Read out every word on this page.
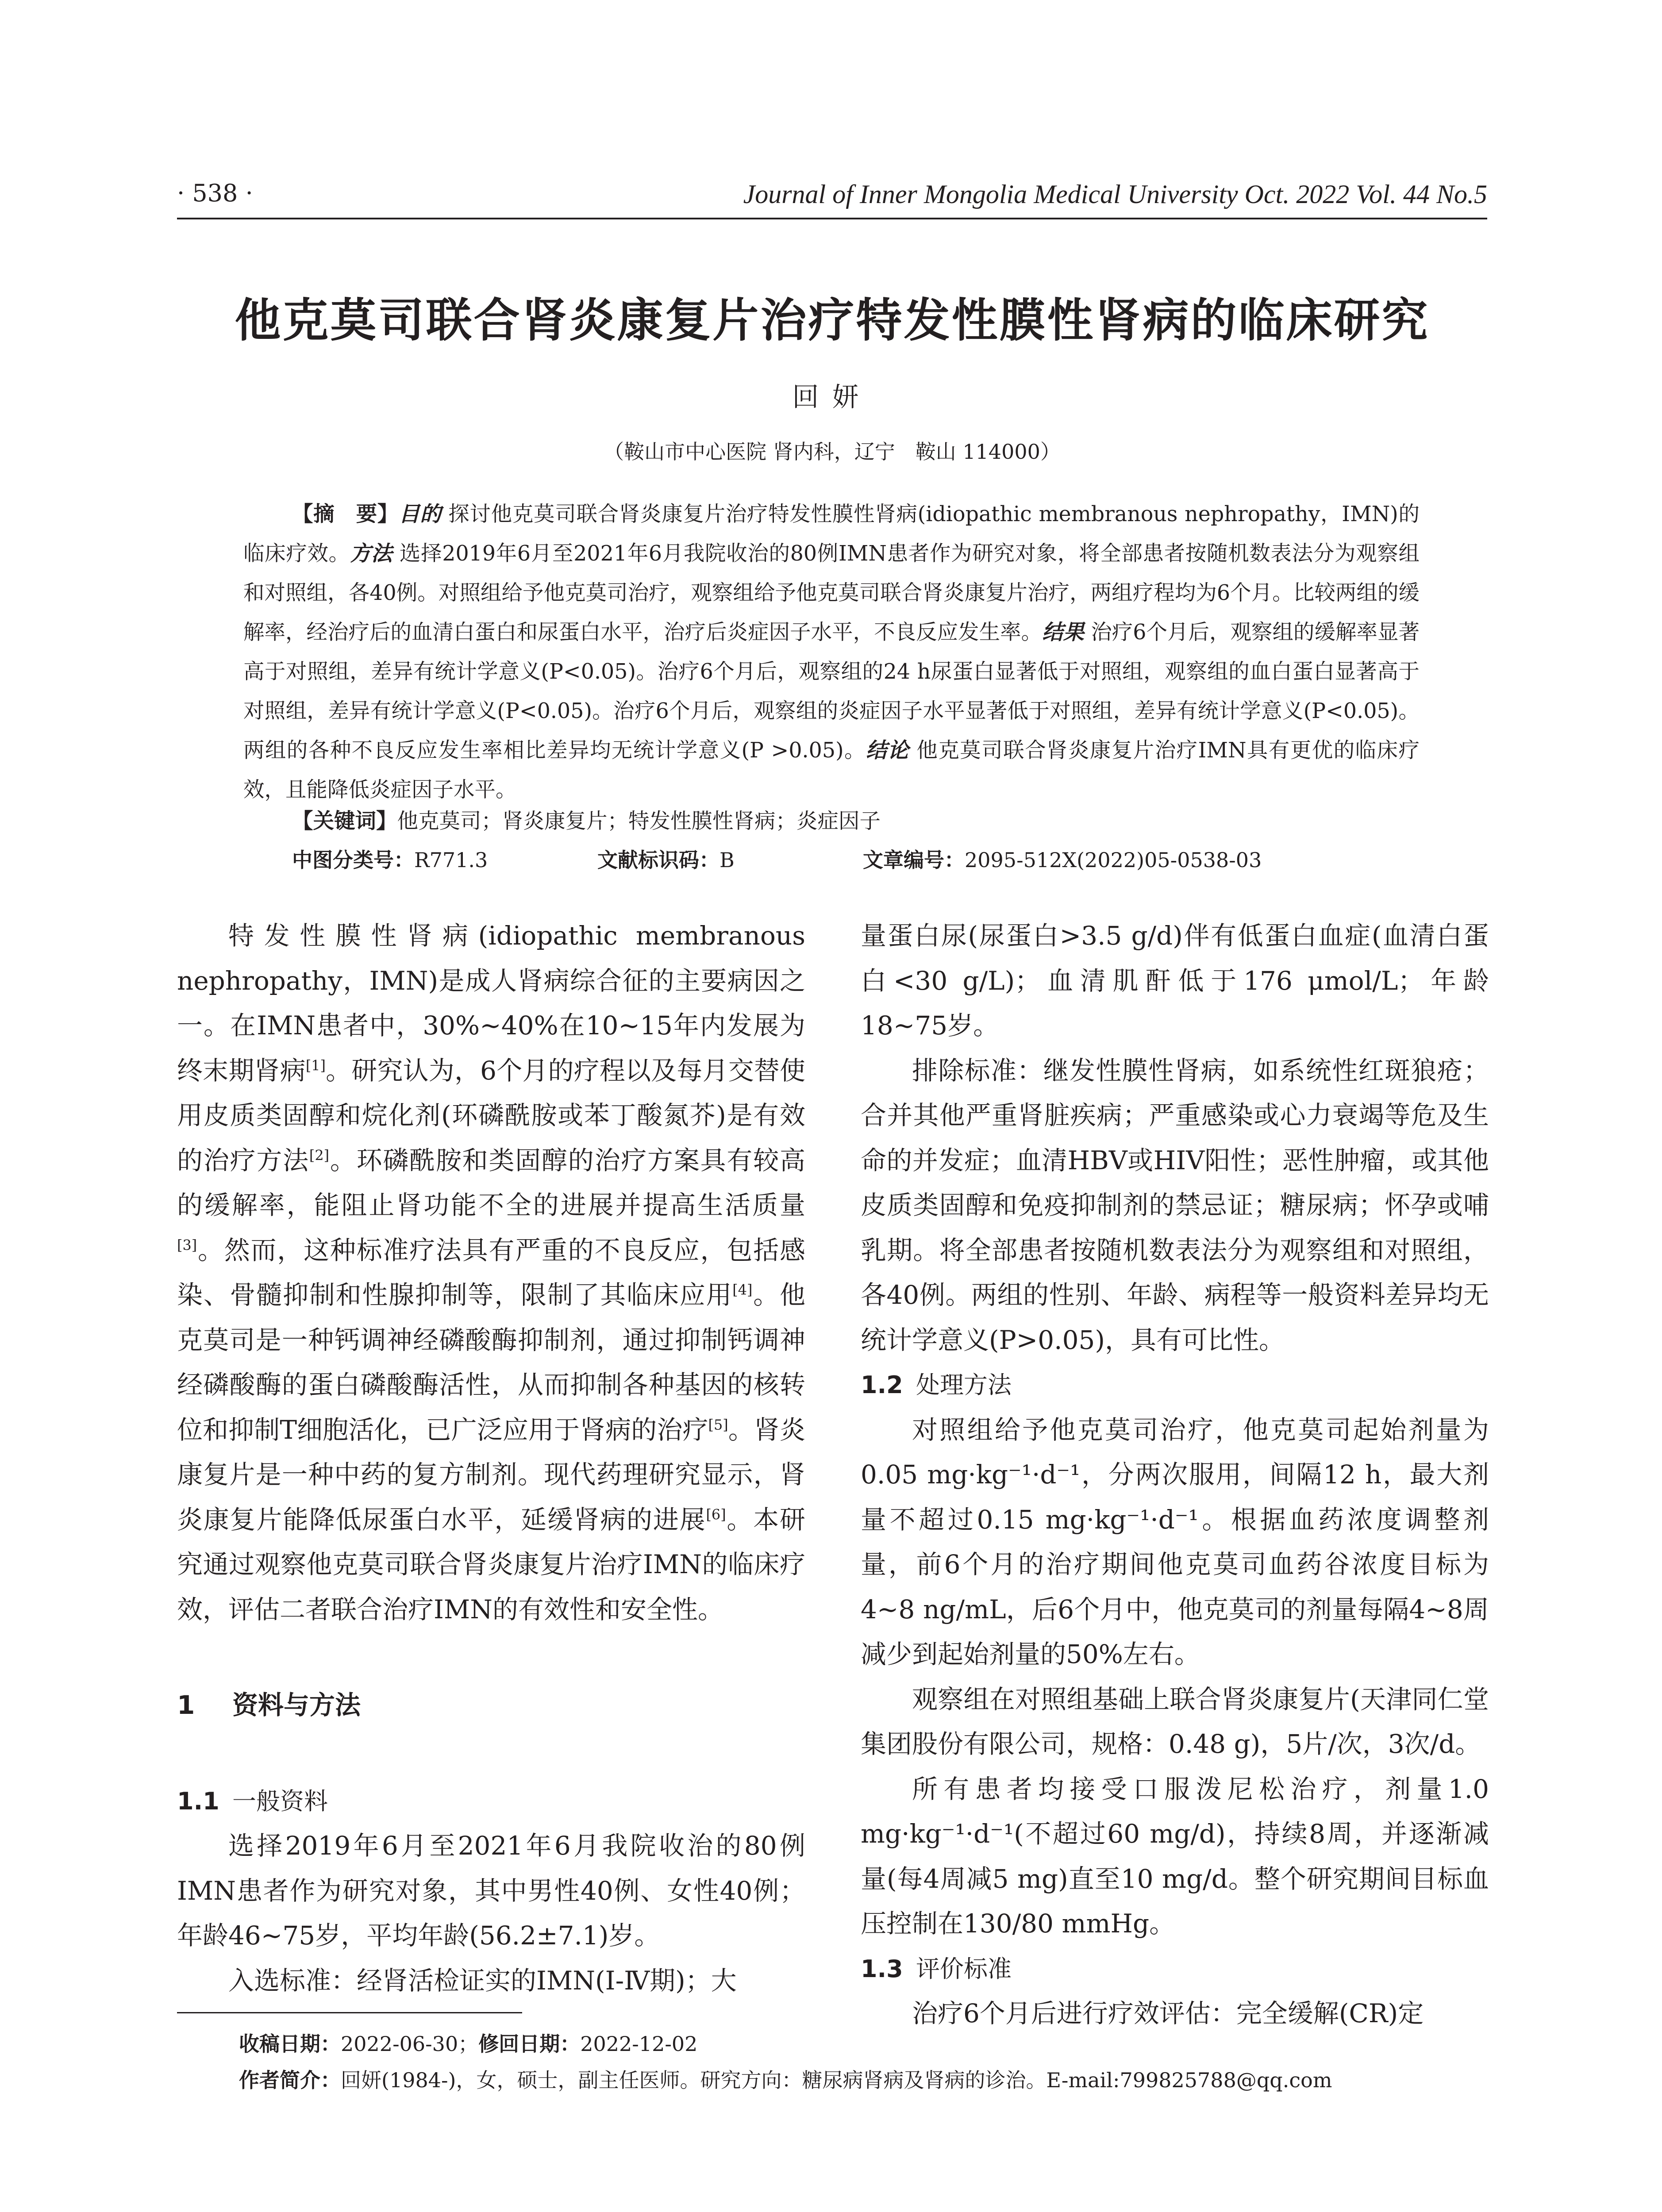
· 538 ·	Journal of Inner Mongolia Medical University Oct. 2022 Vol. 44 No.5
他克莫司联合肾炎康复片治疗特发性膜性肾病的临床研究
回妍
（鞍山市中心医院 肾内科，辽宁　鞍山 114000）

【摘　要】目的 探讨他克莫司联合肾炎康复片治疗特发性膜性肾病(idiopathic membranous nephropathy，IMN)的临床疗效。方法 选择2019年6月至2021年6月我院收治的80例IMN患者作为研究对象，将全部患者按随机数表法分为观察组和对照组，各40例。对照组给予他克莫司治疗，观察组给予他克莫司联合肾炎康复片治疗，两组疗程均为6个月。比较两组的缓解率，经治疗后的血清白蛋白和尿蛋白水平，治疗后炎症因子水平，不良反应发生率。结果 治疗6个月后，观察组的缓解率显著高于对照组，差异有统计学意义(P<0.05)。治疗6个月后，观察组的24 h尿蛋白显著低于对照组，观察组的血白蛋白显著高于对照组，差异有统计学意义(P<0.05)。治疗6个月后，观察组的炎症因子水平显著低于对照组，差异有统计学意义(P<0.05)。两组的各种不良反应发生率相比差异均无统计学意义(P >0.05)。结论 他克莫司联合肾炎康复片治疗IMN具有更优的临床疗效，且能降低炎症因子水平。

【关键词】他克莫司；肾炎康复片；特发性膜性肾病；炎症因子
中图分类号：R771.3	文献标识码：B	文章编号：2095-512X(2022)05-0538-03

特发性膜性肾病(idiopathic membranous nephropathy，IMN)是成人肾病综合征的主要病因之一。在IMN患者中，30%~40%在10~15年内发展为终末期肾病[1]。研究认为，6个月的疗程以及每月交替使用皮质类固醇和烷化剂(环磷酰胺或苯丁酸氮芥)是有效的治疗方法[2]。环磷酰胺和类固醇的治疗方案具有较高的缓解率，能阻止肾功能不全的进展并提高生活质量[3]。然而，这种标准疗法具有严重的不良反应，包括感染、骨髓抑制和性腺抑制等，限制了其临床应用[4]。他克莫司是一种钙调神经磷酸酶抑制剂，通过抑制钙调神经磷酸酶的蛋白磷酸酶活性，从而抑制各种基因的核转位和抑制T细胞活化，已广泛应用于肾病的治疗[5]。肾炎康复片是一种中药的复方制剂。现代药理研究显示，肾炎康复片能降低尿蛋白水平，延缓肾病的进展[6]。本研究通过观察他克莫司联合肾炎康复片治疗IMN的临床疗效，评估二者联合治疗IMN的有效性和安全性。

1 资料与方法
1.1 一般资料

选择2019年6月至2021年6月我院收治的80例IMN患者作为研究对象，其中男性40例、女性40例；年龄46~75岁，平均年龄(56.2±7.1)岁。

入选标准：经肾活检证实的IMN(Ⅰ-Ⅳ期)；大

量蛋白尿(尿蛋白>3.5 g/d)伴有低蛋白血症(血清白蛋白<30 g/L)；血清肌酐低于176 μmol/L；年龄18~75岁。

排除标准：继发性膜性肾病，如系统性红斑狼疮；合并其他严重肾脏疾病；严重感染或心力衰竭等危及生命的并发症；血清HBV或HIV阳性；恶性肿瘤，或其他皮质类固醇和免疫抑制剂的禁忌证；糖尿病；怀孕或哺乳期。将全部患者按随机数表法分为观察组和对照组，各40例。两组的性别、年龄、病程等一般资料差异均无统计学意义(P>0.05)，具有可比性。

1.2 处理方法

对照组给予他克莫司治疗，他克莫司起始剂量为0.05 mg·kg⁻¹·d⁻¹，分两次服用，间隔12 h，最大剂量不超过0.15 mg·kg⁻¹·d⁻¹。根据血药浓度调整剂量，前6个月的治疗期间他克莫司血药谷浓度目标为4~8 ng/mL，后6个月中，他克莫司的剂量每隔4~8周减少到起始剂量的50%左右。

观察组在对照组基础上联合肾炎康复片(天津同仁堂集团股份有限公司，规格：0.48 g)，5片/次，3次/d。

所有患者均接受口服泼尼松治疗，剂量1.0 mg·kg⁻¹·d⁻¹(不超过60 mg/d)，持续8周，并逐渐减量(每4周减5 mg)直至10 mg/d。整个研究期间目标血压控制在130/80 mmHg。

1.3 评价标准

治疗6个月后进行疗效评估：完全缓解(CR)定

收稿日期：2022-06-30；修回日期：2022-12-02
作者简介：回妍(1984-)，女，硕士，副主任医师。研究方向：糖尿病肾病及肾病的诊治。E-mail:799825788@qq.com
